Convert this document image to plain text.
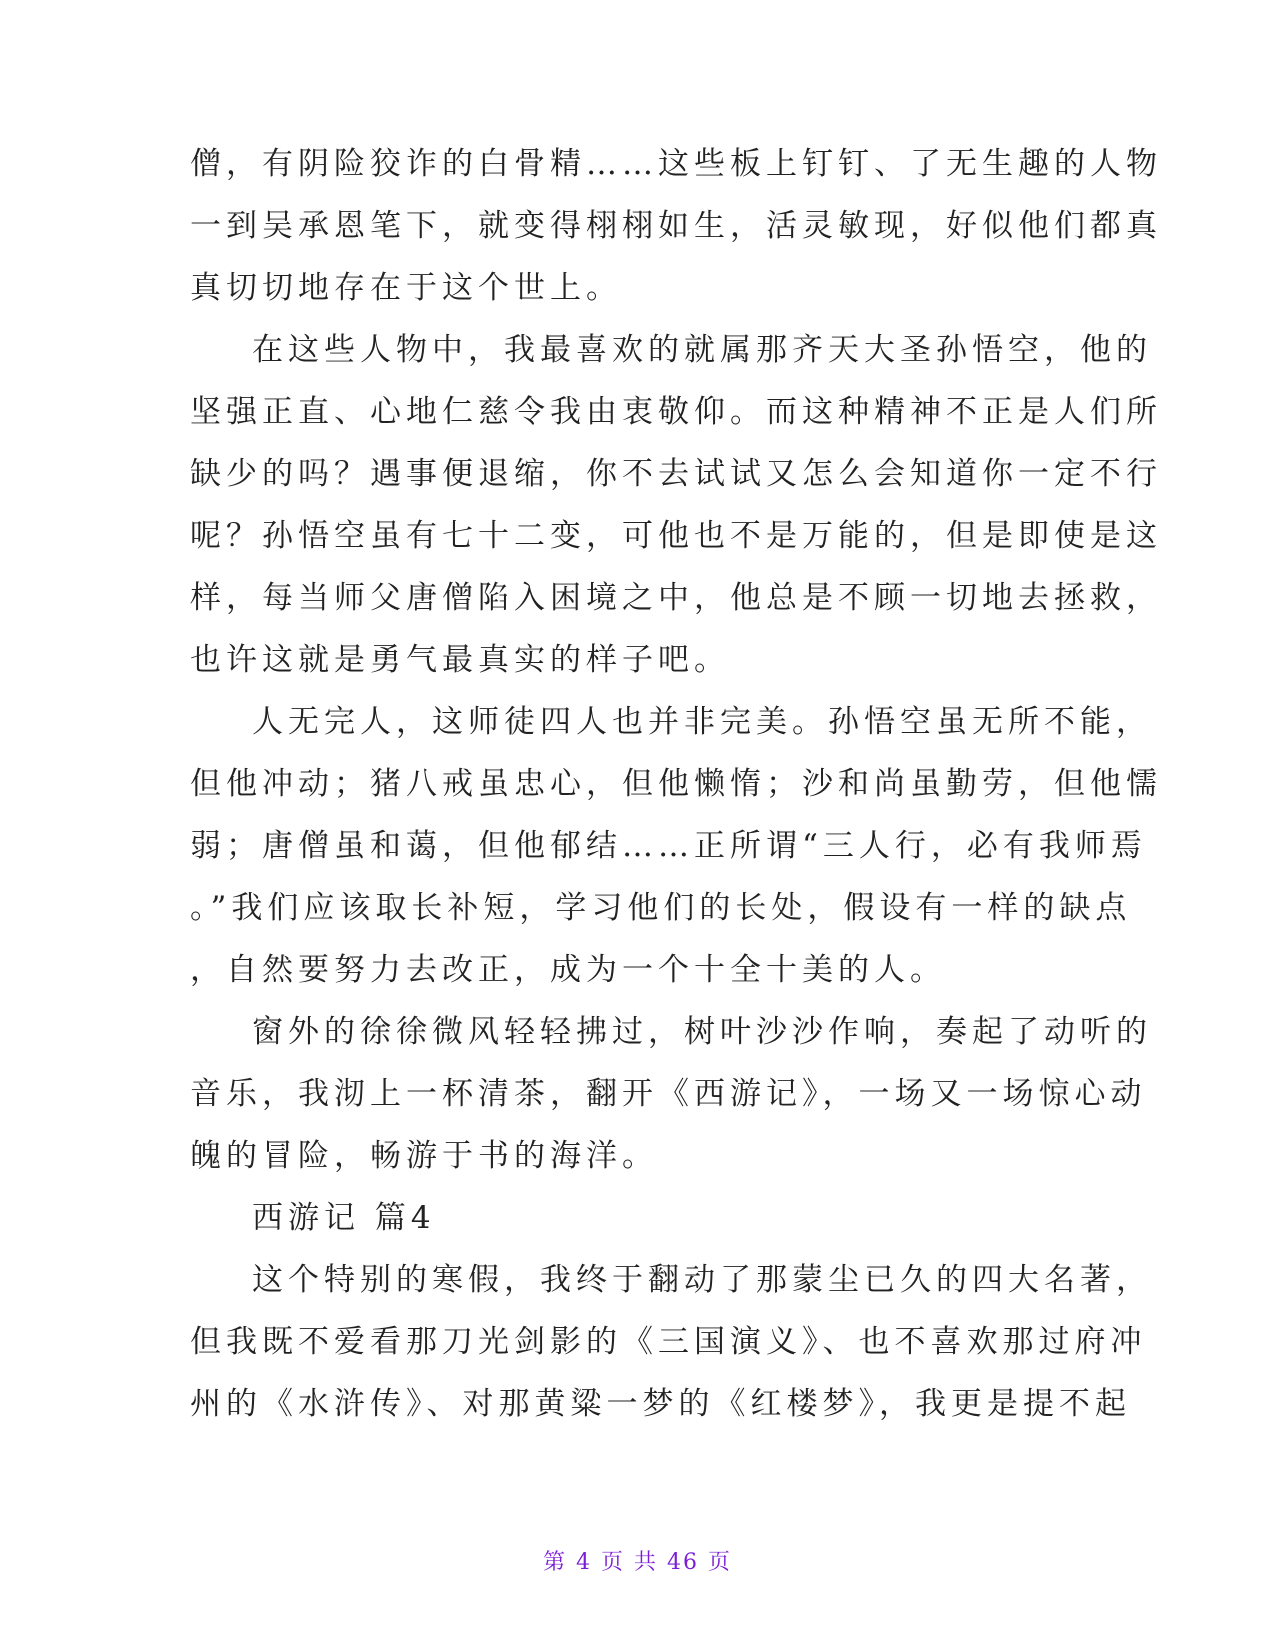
僧，有阴险狡诈的白骨精……这些板上钉钉、了无生趣的人物
一到吴承恩笔下，就变得栩栩如生，活灵敏现，好似他们都真
真切切地存在于这个世上。
在这些人物中，我最喜欢的就属那齐天大圣孙悟空，他的
坚强正直、心地仁慈令我由衷敬仰。而这种精神不正是人们所
缺少的吗？遇事便退缩，你不去试试又怎么会知道你一定不行
呢？孙悟空虽有七十二变，可他也不是万能的，但是即使是这
样，每当师父唐僧陷入困境之中，他总是不顾一切地去拯救，
也许这就是勇气最真实的样子吧。
人无完人，这师徒四人也并非完美。孙悟空虽无所不能，
但他冲动；猪八戒虽忠心，但他懒惰；沙和尚虽勤劳，但他懦
弱；唐僧虽和蔼，但他郁结……正所谓“三人行，必有我师焉
。”我们应该取长补短，学习他们的长处，假设有一样的缺点
，自然要努力去改正，成为一个十全十美的人。
窗外的徐徐微风轻轻拂过，树叶沙沙作响，奏起了动听的
音乐，我沏上一杯清茶，翻开《西游记》，一场又一场惊心动
魄的冒险，畅游于书的海洋。
西游记 篇4
这个特别的寒假，我终于翻动了那蒙尘已久的四大名著，
但我既不爱看那刀光剑影的《三国演义》、也不喜欢那过府冲
州的《水浒传》、对那黄粱一梦的《红楼梦》，我更是提不起
第 4 页 共 46 页
